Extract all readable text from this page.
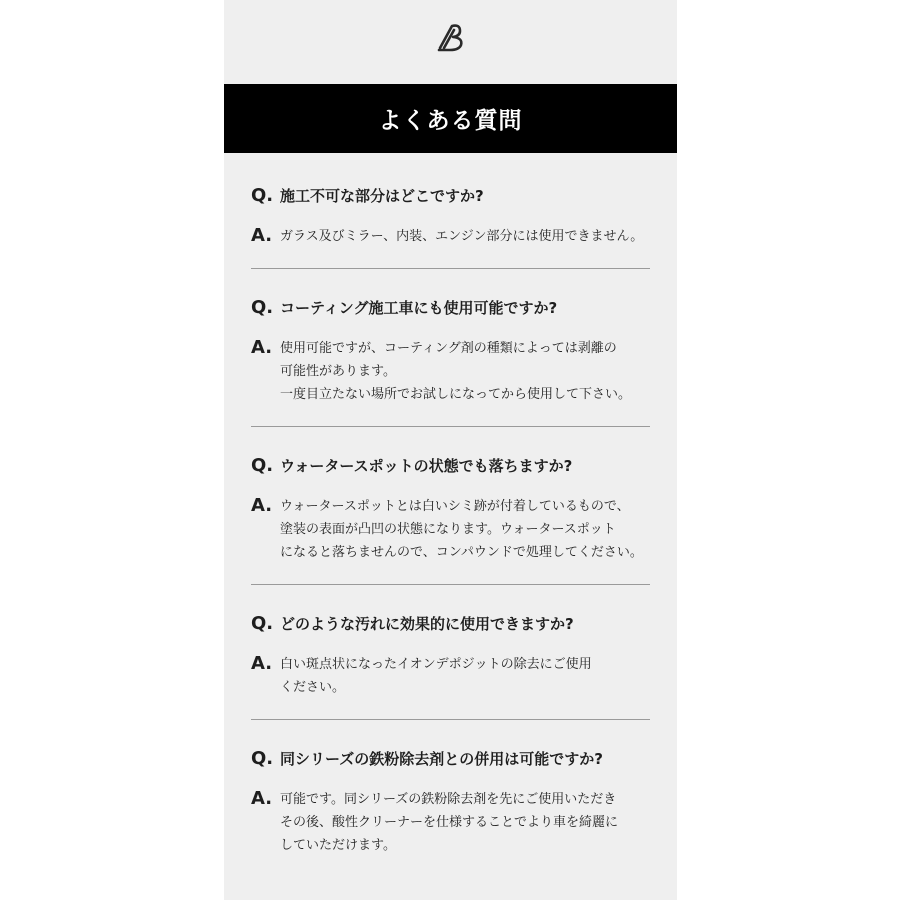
よくある質問
Q. 施工不可な部分はどこですか?
A. ガラス及びミラー、内装、エンジン部分には使用できません。
Q. コーティング施工車にも使用可能ですか?
A. 使用可能ですが、コーティング剤の種類によっては剥離の
可能性があります。
一度目立たない場所でお試しになってから使用して下さい。
Q. ウォータースポットの状態でも落ちますか?
A. ウォータースポットとは白いシミ跡が付着しているもので、
塗装の表面が凸凹の状態になります。ウォータースポット
になると落ちませんので、コンパウンドで処理してください。
Q. どのような汚れに効果的に使用できますか?
A. 白い斑点状になったイオンデポジットの除去にご使用
ください。
Q. 同シリーズの鉄粉除去剤との併用は可能ですか?
A. 可能です。同シリーズの鉄粉除去剤を先にご使用いただき
その後、酸性クリーナーを仕様することでより車を綺麗に
していただけます。
